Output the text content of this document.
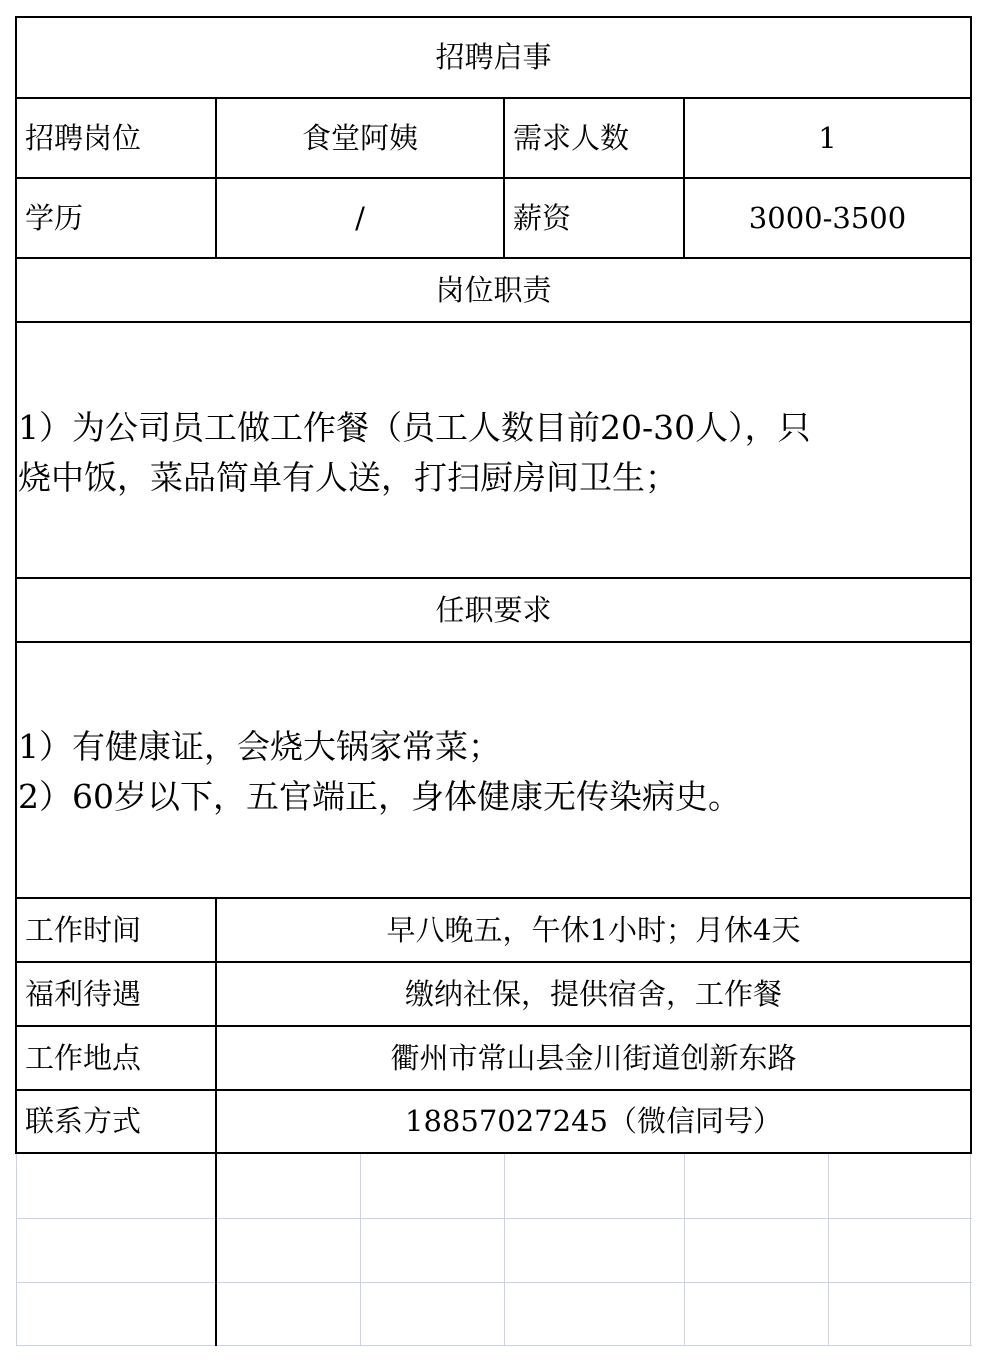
招聘启事
招聘岗位	食堂阿姨	需求人数	1
学历	/	薪资	3000-3500
岗位职责
1）为公司员工做工作餐（员工人数目前20-30人），只
烧中饭，菜品简单有人送，打扫厨房间卫生；
任职要求
1）有健康证，会烧大锅家常菜；
2）60岁以下，五官端正，身体健康无传染病史。
工作时间	早八晚五，午休1小时；月休4天
福利待遇	缴纳社保，提供宿舍，工作餐
工作地点	衢州市常山县金川街道创新东路
联系方式	18857027245（微信同号）
